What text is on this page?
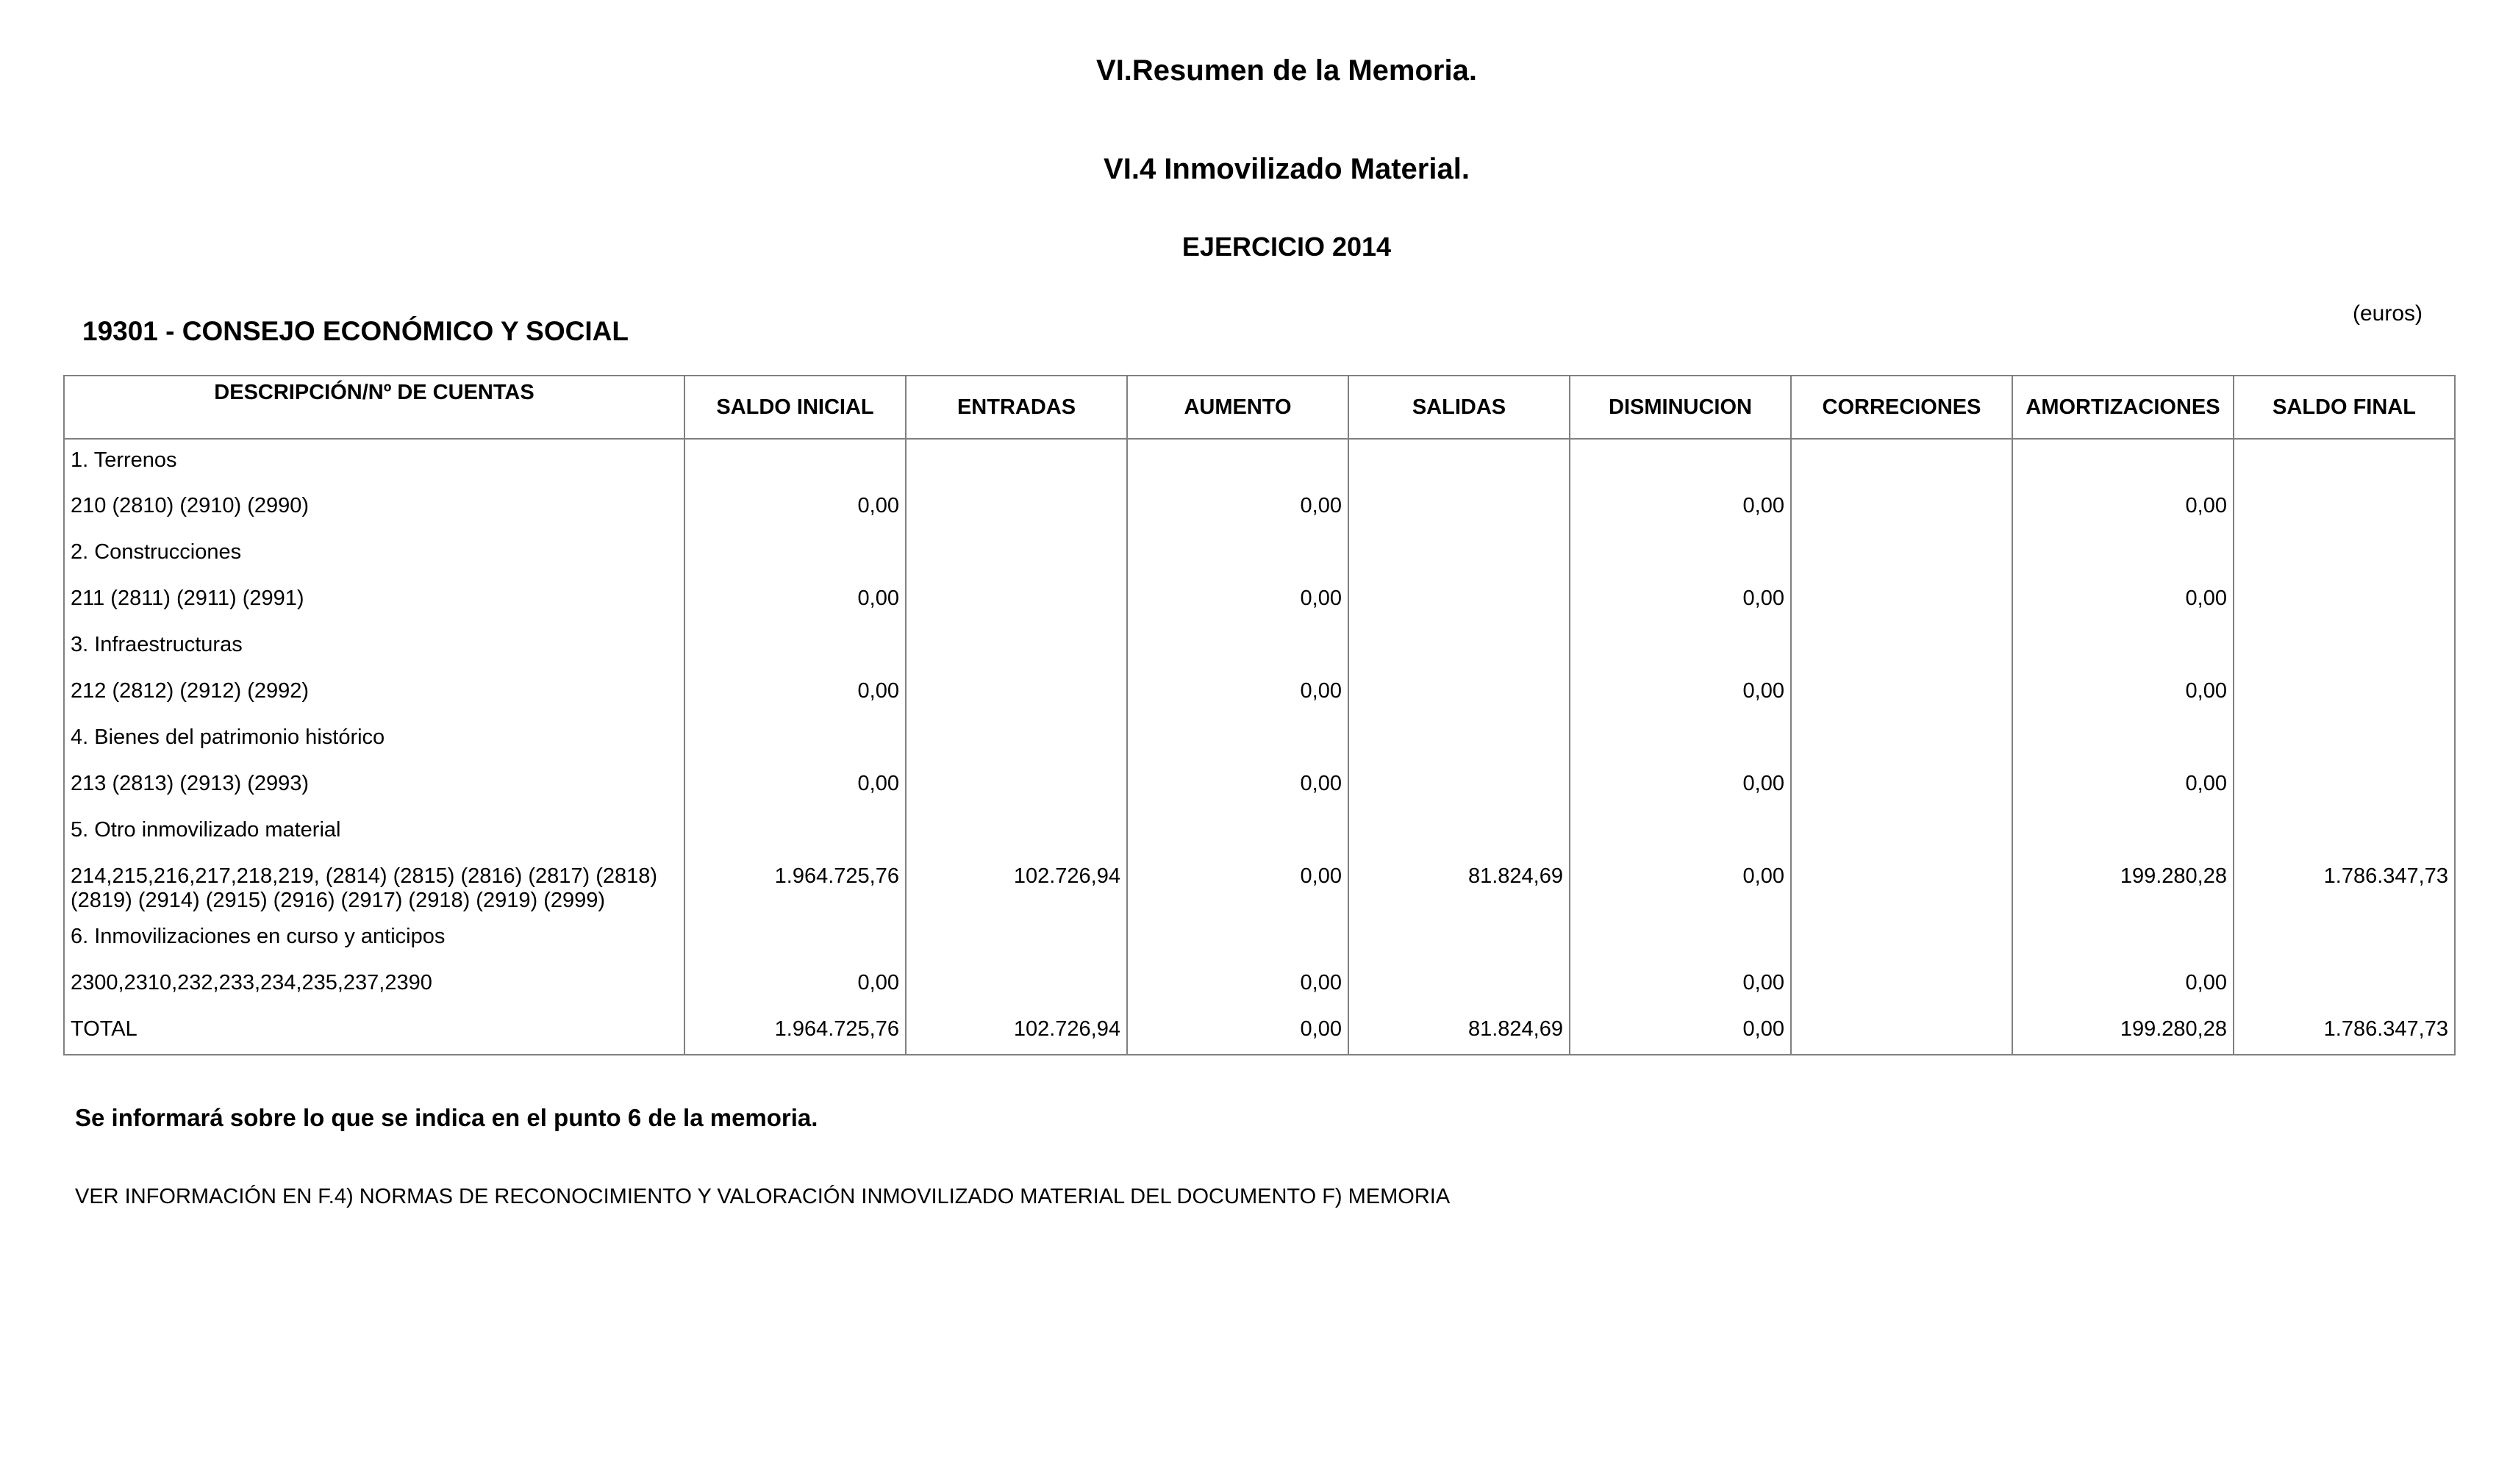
VI.Resumen de la Memoria.
VI.4 Inmovilizado Material.
EJERCICIO 2014
19301 - CONSEJO ECONÓMICO Y SOCIAL
(euros)
DESCRIPCIÓN/Nº DE CUENTAS	SALDO INICIAL	ENTRADAS	AUMENTO	SALIDAS	DISMINUCION	CORRECIONES	AMORTIZACIONES	SALDO FINAL
1. Terrenos								
210 (2810) (2910) (2990)	0,00		0,00		0,00		0,00	
2. Construcciones								
211 (2811) (2911) (2991)	0,00		0,00		0,00		0,00	
3. Infraestructuras								
212 (2812) (2912) (2992)	0,00		0,00		0,00		0,00	
4. Bienes del patrimonio histórico								
213 (2813) (2913) (2993)	0,00		0,00		0,00		0,00	
5. Otro inmovilizado material								
214,215,216,217,218,219, (2814) (2815) (2816) (2817) (2818) (2819) (2914) (2915) (2916) (2917) (2918) (2919) (2999)	1.964.725,76	102.726,94	0,00	81.824,69	0,00		199.280,28	1.786.347,73
6. Inmovilizaciones en curso y anticipos								
2300,2310,232,233,234,235,237,2390	0,00		0,00		0,00		0,00	
TOTAL	1.964.725,76	102.726,94	0,00	81.824,69	0,00		199.280,28	1.786.347,73
Se informará sobre lo que se indica en el punto 6 de la memoria.
VER INFORMACIÓN EN F.4) NORMAS DE RECONOCIMIENTO Y VALORACIÓN INMOVILIZADO MATERIAL DEL DOCUMENTO F) MEMORIA
